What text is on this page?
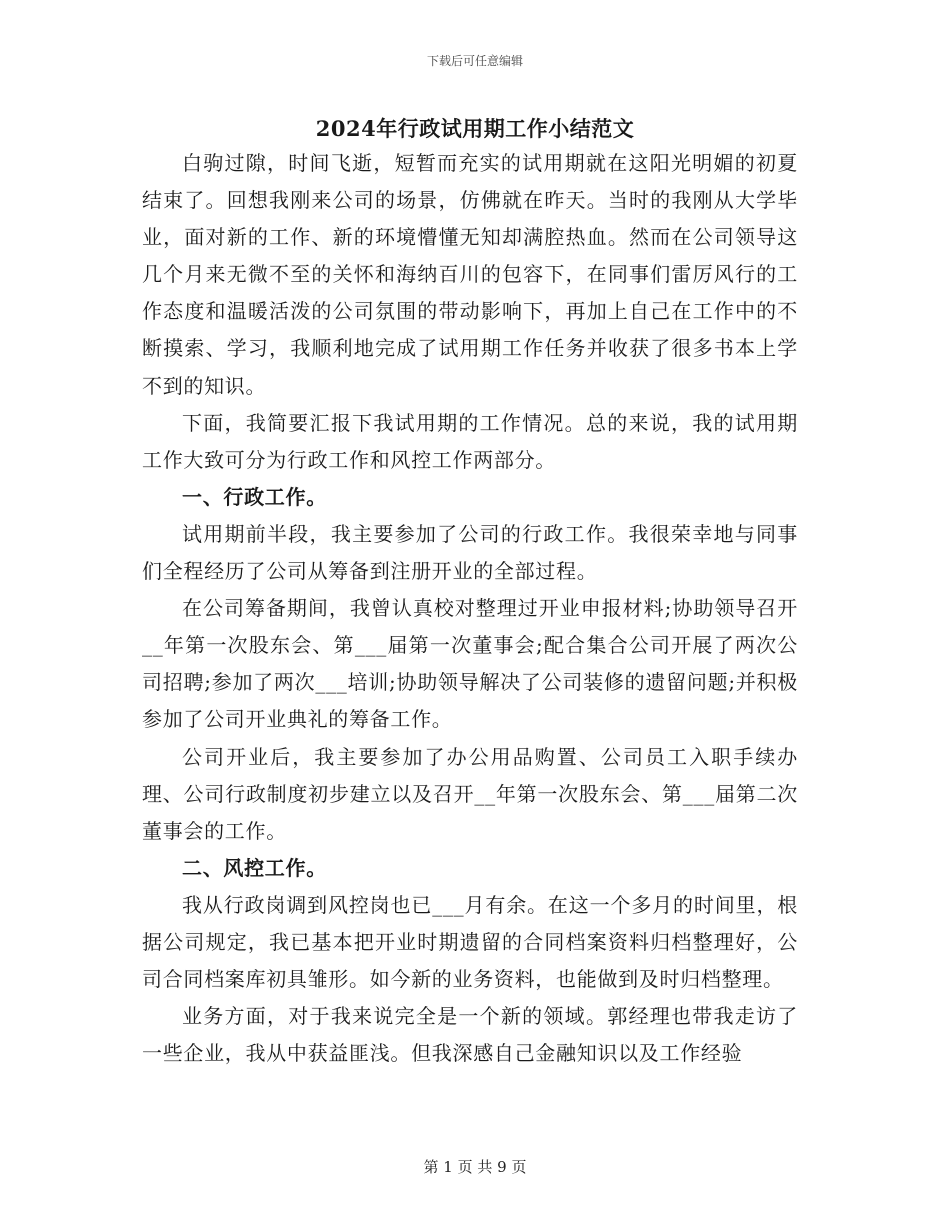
下载后可任意编辑
2024年行政试用期工作小结范文

白驹过隙，时间飞逝，短暂而充实的试用期就在这阳光明媚的初夏结束了。回想我刚来公司的场景，仿佛就在昨天。当时的我刚从大学毕业，面对新的工作、新的环境懵懂无知却满腔热血。然而在公司领导这几个月来无微不至的关怀和海纳百川的包容下，在同事们雷厉风行的工作态度和温暖活泼的公司氛围的带动影响下，再加上自己在工作中的不断摸索、学习，我顺利地完成了试用期工作任务并收获了很多书本上学不到的知识。

下面，我简要汇报下我试用期的工作情况。总的来说，我的试用期工作大致可分为行政工作和风控工作两部分。

一、行政工作。

试用期前半段，我主要参加了公司的行政工作。我很荣幸地与同事们全程经历了公司从筹备到注册开业的全部过程。

在公司筹备期间，我曾认真校对整理过开业申报材料;协助领导召开__年第一次股东会、第___届第一次董事会;配合集合公司开展了两次公司招聘;参加了两次___培训;协助领导解决了公司装修的遗留问题;并积极参加了公司开业典礼的筹备工作。

公司开业后，我主要参加了办公用品购置、公司员工入职手续办理、公司行政制度初步建立以及召开__年第一次股东会、第___届第二次董事会的工作。

二、风控工作。

我从行政岗调到风控岗也已___月有余。在这一个多月的时间里，根据公司规定，我已基本把开业时期遗留的合同档案资料归档整理好，公司合同档案库初具雏形。如今新的业务资料，也能做到及时归档整理。

业务方面，对于我来说完全是一个新的领域。郭经理也带我走访了一些企业，我从中获益匪浅。但我深感自己金融知识以及工作经验

第 1 页 共 9 页
